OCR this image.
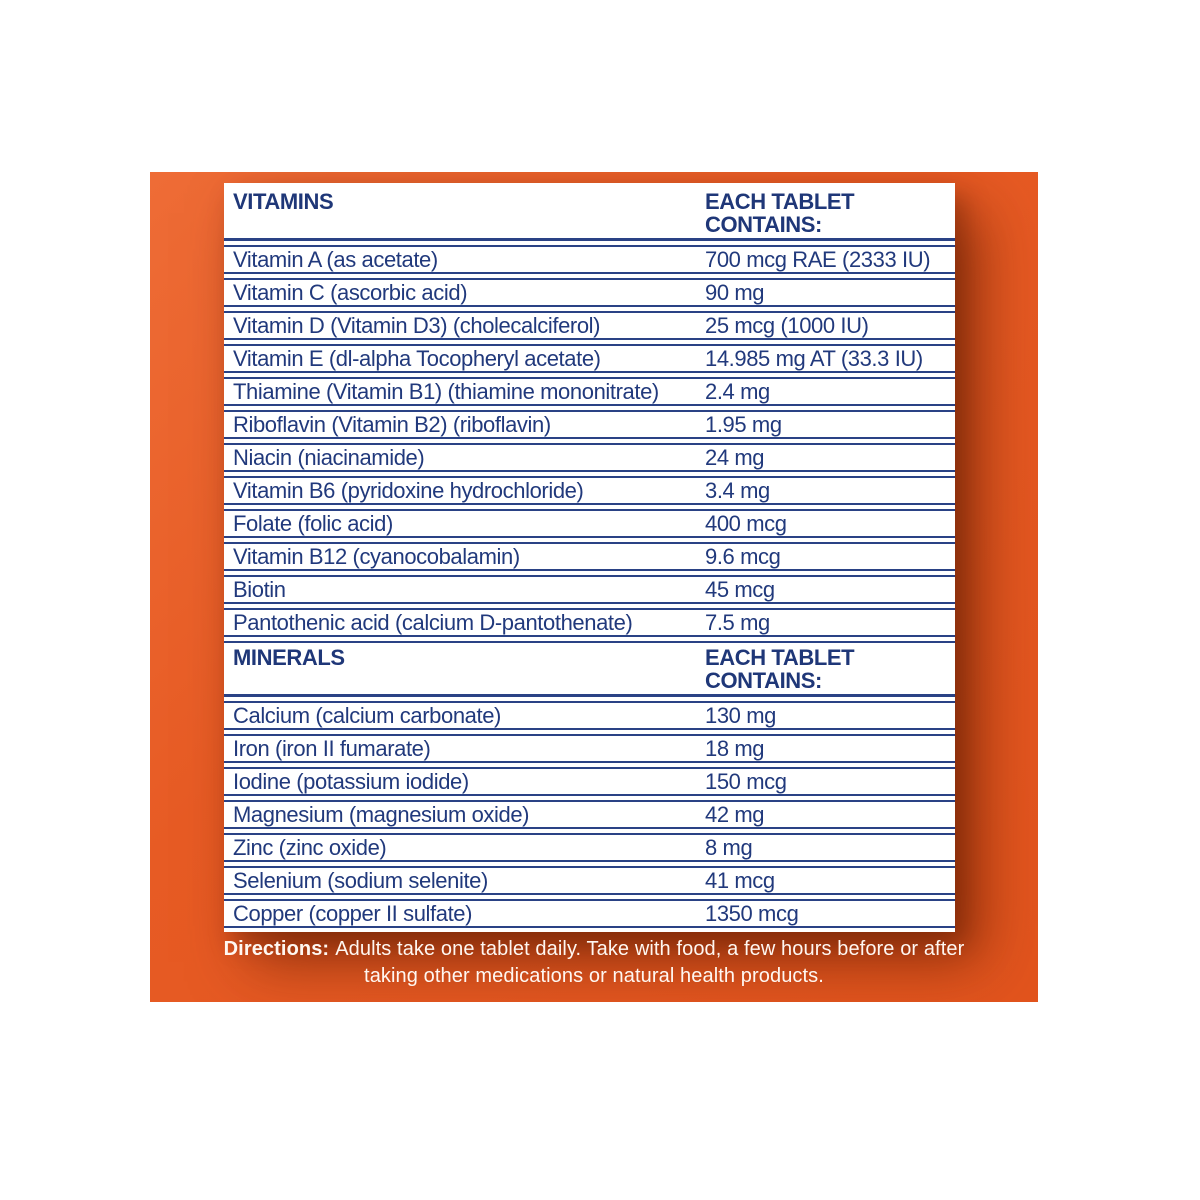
VITAMINS	EACH TABLET CONTAINS:
Vitamin A (as acetate)	700 mcg RAE (2333 IU)
Vitamin C (ascorbic acid)	90 mg
Vitamin D (Vitamin D3) (cholecalciferol)	25 mcg (1000 IU)
Vitamin E (dl-alpha Tocopheryl acetate)	14.985 mg AT (33.3 IU)
Thiamine (Vitamin B1) (thiamine mononitrate)	2.4 mg
Riboflavin (Vitamin B2) (riboflavin)	1.95 mg
Niacin (niacinamide)	24 mg
Vitamin B6 (pyridoxine hydrochloride)	3.4 mg
Folate (folic acid)	400 mcg
Vitamin B12 (cyanocobalamin)	9.6 mcg
Biotin	45 mcg
Pantothenic acid (calcium D-pantothenate)	7.5 mg
MINERALS	EACH TABLET CONTAINS:
Calcium (calcium carbonate)	130 mg
Iron (iron II fumarate)	18 mg
Iodine (potassium iodide)	150 mcg
Magnesium (magnesium oxide)	42 mg
Zinc (zinc oxide)	8 mg
Selenium (sodium selenite)	41 mcg
Copper (copper II sulfate)	1350 mcg
Directions: Adults take one tablet daily. Take with food, a few hours before or after taking other medications or natural health products.
